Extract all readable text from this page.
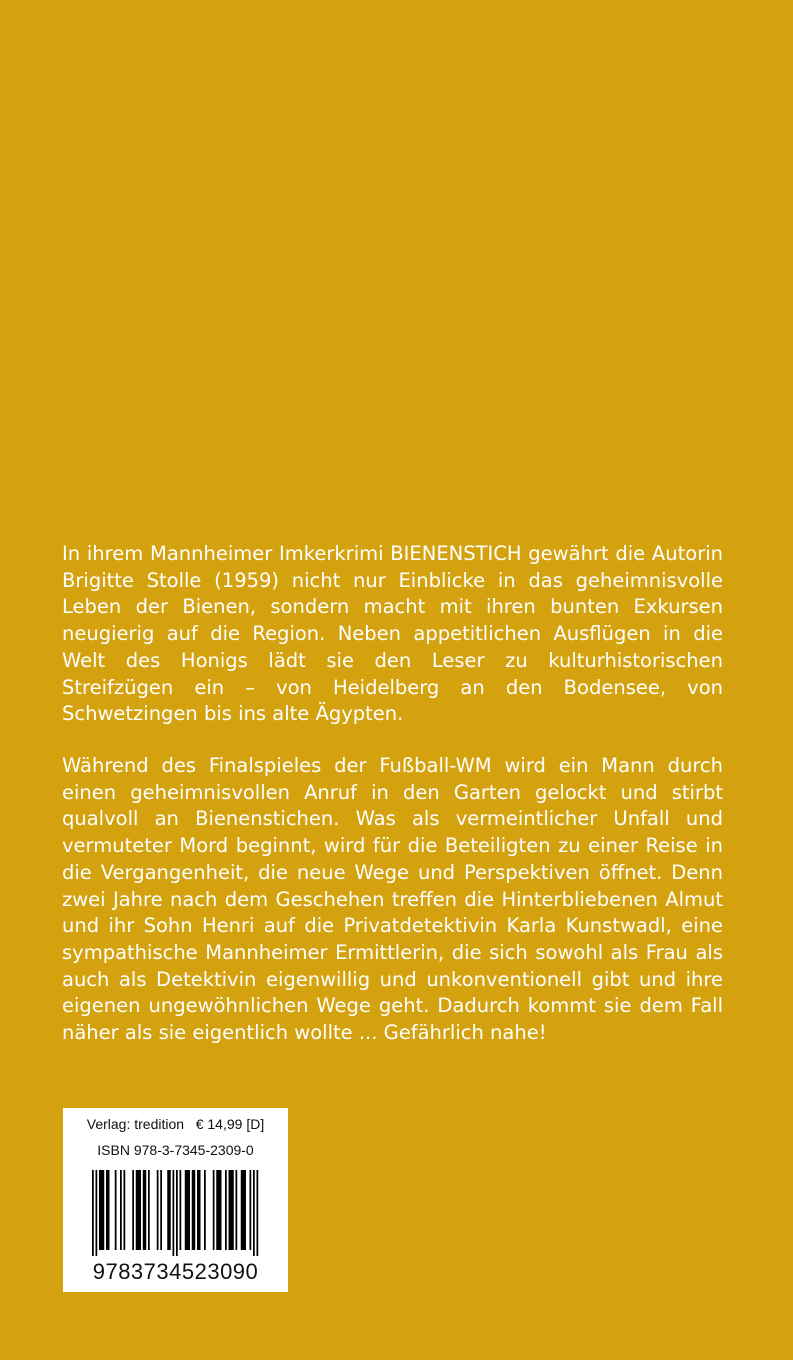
In ihrem Mannheimer Imkerkrimi BIENENSTICH gewährt die Autorin Brigitte Stolle (1959) nicht nur Einblicke in das geheimnisvolle Leben der Bienen, sondern macht mit ihren bunten Exkursen neugierig auf die Region. Neben appetitlichen Ausflügen in die Welt des Honigs lädt sie den Leser zu kulturhistorischen Streifzügen ein – von Heidelberg an den Bodensee, von Schwetzingen bis ins alte Ägypten.

Während des Finalspieles der Fußball-WM wird ein Mann durch einen geheimnisvollen Anruf in den Garten gelockt und stirbt qualvoll an Bienenstichen. Was als vermeintlicher Unfall und vermuteter Mord beginnt, wird für die Beteiligten zu einer Reise in die Vergangenheit, die neue Wege und Perspektiven öffnet. Denn zwei Jahre nach dem Geschehen treffen die Hinterbliebenen Almut und ihr Sohn Henri auf die Privatdetektivin Karla Kunstwadl, eine sympathische Mannheimer Ermittlerin, die sich sowohl als Frau als auch als Detektivin eigenwillig und unkonventionell gibt und ihre eigenen ungewöhnlichen Wege geht. Dadurch kommt sie dem Fall näher als sie eigentlich wollte ... Gefährlich nahe!

Verlag: tredition   € 14,99 [D]
ISBN 978-3-7345-2309-0
9783734523090
